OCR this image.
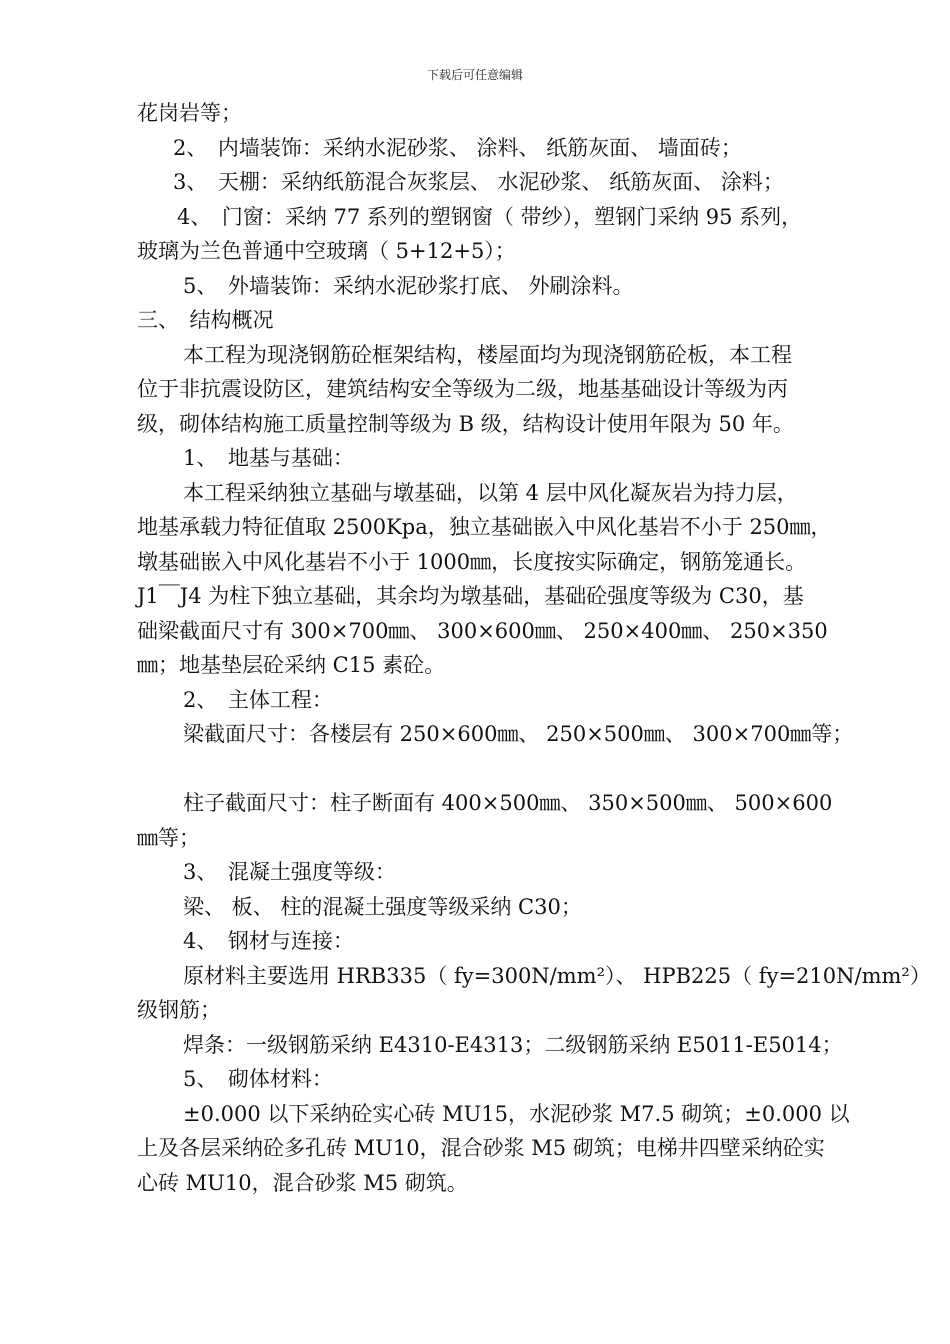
下载后可任意编辑
花岗岩等；
2、　内墙装饰：采纳水泥砂浆、 涂料、 纸筋灰面、 墙面砖；
3、　天棚：采纳纸筋混合灰浆层、 水泥砂浆、 纸筋灰面、 涂料；
4、　门窗：采纳 77 系列的塑钢窗（ 带纱），塑钢门采纳 95 系列，
玻璃为兰色普通中空玻璃（ 5+12+5）；
5、　外墙装饰：采纳水泥砂浆打底、 外刷涂料。
三、　结构概况
本工程为现浇钢筋砼框架结构，楼屋面均为现浇钢筋砼板，本工程
位于非抗震设防区，建筑结构安全等级为二级，地基基础设计等级为丙
级，砌体结构施工质量控制等级为 B 级，结构设计使用年限为 50 年。
1、　地基与基础：
本工程采纳独立基础与墩基础，以第 4 层中风化凝灰岩为持力层，
地基承载力特征值取 2500Kpa，独立基础嵌入中风化基岩不小于 250㎜，
墩基础嵌入中风化基岩不小于 1000㎜，长度按实际确定，钢筋笼通长。
J1￣J4 为柱下独立基础，其余均为墩基础，基础砼强度等级为 C30，基
础梁截面尺寸有 300×700㎜、 300×600㎜、 250×400㎜、 250×350
㎜；地基垫层砼采纳 C15 素砼。
2、　主体工程：
梁截面尺寸：各楼层有 250×600㎜、 250×500㎜、 300×700㎜等；
柱子截面尺寸：柱子断面有 400×500㎜、 350×500㎜、 500×600
㎜等；
3、　混凝土强度等级：
梁、 板、 柱的混凝土强度等级采纳 C30；
4、　钢材与连接：
原材料主要选用 HRB335（ fy=300N/mm²）、 HPB225（ fy=210N/mm²）
级钢筋；
焊条：一级钢筋采纳 E4310-E4313；二级钢筋采纳 E5011-E5014；
5、　砌体材料：
±0.000 以下采纳砼实心砖 MU15，水泥砂浆 M7.5 砌筑；±0.000 以
上及各层采纳砼多孔砖 MU10，混合砂浆 M5 砌筑；电梯井四壁采纳砼实
心砖 MU10，混合砂浆 M5 砌筑。
